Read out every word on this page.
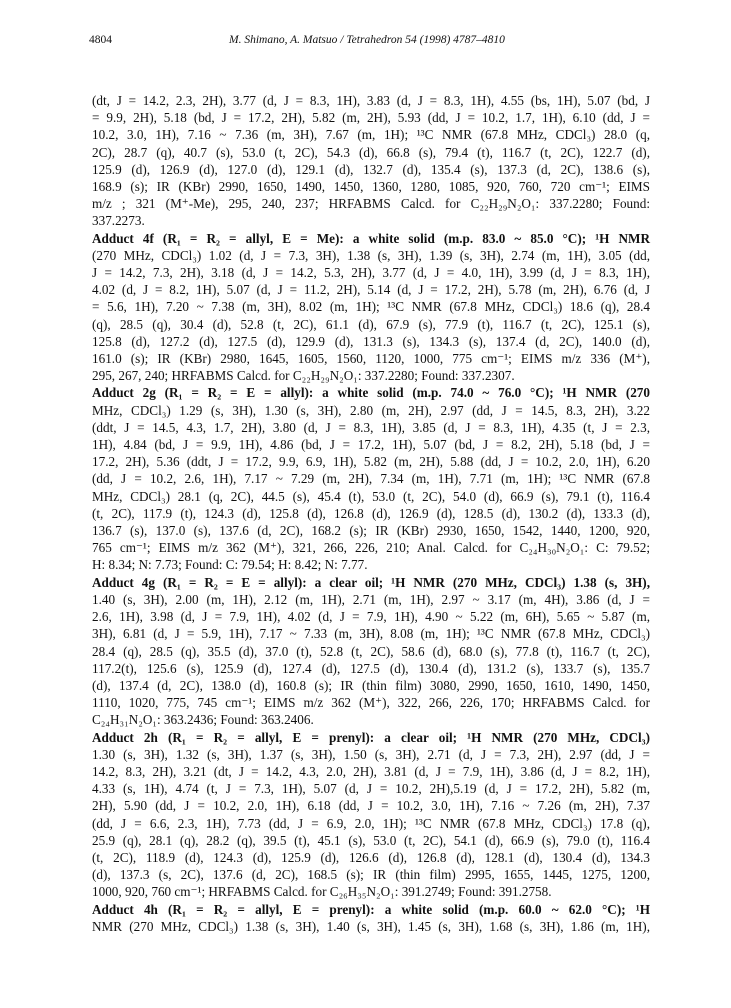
4804	M. Shimano, A. Matsuo / Tetrahedron 54 (1998) 4787–4810
(dt, J = 14.2, 2.3, 2H), 3.77 (d, J = 8.3, 1H), 3.83 (d, J = 8.3, 1H), 4.55 (bs, 1H), 5.07 (bd, J
= 9.9, 2H), 5.18 (bd, J = 17.2, 2H), 5.82 (m, 2H), 5.93 (dd, J = 10.2, 1.7, 1H), 6.10 (dd, J =
10.2, 3.0, 1H), 7.16 ~ 7.36 (m, 3H), 7.67 (m, 1H); ¹³C NMR (67.8 MHz, CDCl₃) 28.0 (q,
2C), 28.7 (q), 40.7 (s), 53.0 (t, 2C), 54.3 (d), 66.8 (s), 79.4 (t), 116.7 (t, 2C), 122.7 (d),
125.9 (d), 126.9 (d), 127.0 (d), 129.1 (d), 132.7 (d), 135.4 (s), 137.3 (d, 2C), 138.6 (s),
168.9 (s); IR (KBr) 2990, 1650, 1490, 1450, 1360, 1280, 1085, 920, 760, 720 cm⁻¹; EIMS
m/z ; 321 (M⁺-Me), 295, 240, 237; HRFABMS Calcd. for C₂₂H₂₉N₂O₁: 337.2280; Found:
337.2273.
Adduct 4f (R₁ = R₂ = allyl, E = Me): a white solid (m.p. 83.0 ~ 85.0 °C); ¹H NMR
(270 MHz, CDCl₃) 1.02 (d, J = 7.3, 3H), 1.38 (s, 3H), 1.39 (s, 3H), 2.74 (m, 1H), 3.05 (dd,
J = 14.2, 7.3, 2H), 3.18 (d, J = 14.2, 5.3, 2H), 3.77 (d, J = 4.0, 1H), 3.99 (d, J = 8.3, 1H),
4.02 (d, J = 8.2, 1H), 5.07 (d, J = 11.2, 2H), 5.14 (d, J = 17.2, 2H), 5.78 (m, 2H), 6.76 (d, J
= 5.6, 1H), 7.20 ~ 7.38 (m, 3H), 8.02 (m, 1H); ¹³C NMR (67.8 MHz, CDCl₃) 18.6 (q), 28.4
(q), 28.5 (q), 30.4 (d), 52.8 (t, 2C), 61.1 (d), 67.9 (s), 77.9 (t), 116.7 (t, 2C), 125.1 (s),
125.8 (d), 127.2 (d), 127.5 (d), 129.9 (d), 131.3 (s), 134.3 (s), 137.4 (d, 2C), 140.0 (d),
161.0 (s); IR (KBr) 2980, 1645, 1605, 1560, 1120, 1000, 775 cm⁻¹; EIMS m/z 336 (M⁺),
295, 267, 240; HRFABMS Calcd. for C₂₂H₂₉N₂O₁: 337.2280; Found: 337.2307.
Adduct 2g (R₁ = R₂ = E = allyl): a white solid (m.p. 74.0 ~ 76.0 °C); ¹H NMR (270
MHz, CDCl₃) 1.29 (s, 3H), 1.30 (s, 3H), 2.80 (m, 2H), 2.97 (dd, J = 14.5, 8.3, 2H), 3.22
(ddt, J = 14.5, 4.3, 1.7, 2H), 3.80 (d, J = 8.3, 1H), 3.85 (d, J = 8.3, 1H), 4.35 (t, J = 2.3,
1H), 4.84 (bd, J = 9.9, 1H), 4.86 (bd, J = 17.2, 1H), 5.07 (bd, J = 8.2, 2H), 5.18 (bd, J =
17.2, 2H), 5.36 (ddt, J = 17.2, 9.9, 6.9, 1H), 5.82 (m, 2H), 5.88 (dd, J = 10.2, 2.0, 1H), 6.20
(dd, J = 10.2, 2.6, 1H), 7.17 ~ 7.29 (m, 2H), 7.34 (m, 1H), 7.71 (m, 1H); ¹³C NMR (67.8
MHz, CDCl₃) 28.1 (q, 2C), 44.5 (s), 45.4 (t), 53.0 (t, 2C), 54.0 (d), 66.9 (s), 79.1 (t), 116.4
(t, 2C), 117.9 (t), 124.3 (d), 125.8 (d), 126.8 (d), 126.9 (d), 128.5 (d), 130.2 (d), 133.3 (d),
136.7 (s), 137.0 (s), 137.6 (d, 2C), 168.2 (s); IR (KBr) 2930, 1650, 1542, 1440, 1200, 920,
765 cm⁻¹; EIMS m/z 362 (M⁺), 321, 266, 226, 210; Anal. Calcd. for C₂₄H₃₀N₂O₁: C: 79.52;
H: 8.34; N: 7.73; Found: C: 79.54; H: 8.42; N: 7.77.
Adduct 4g (R₁ = R₂ = E = allyl): a clear oil; ¹H NMR (270 MHz, CDCl₃) 1.38 (s, 3H),
1.40 (s, 3H), 2.00 (m, 1H), 2.12 (m, 1H), 2.71 (m, 1H), 2.97 ~ 3.17 (m, 4H), 3.86 (d, J =
2.6, 1H), 3.98 (d, J = 7.9, 1H), 4.02 (d, J = 7.9, 1H), 4.90 ~ 5.22 (m, 6H), 5.65 ~ 5.87 (m,
3H), 6.81 (d, J = 5.9, 1H), 7.17 ~ 7.33 (m, 3H), 8.08 (m, 1H); ¹³C NMR (67.8 MHz, CDCl₃)
28.4 (q), 28.5 (q), 35.5 (d), 37.0 (t), 52.8 (t, 2C), 58.6 (d), 68.0 (s), 77.8 (t), 116.7 (t, 2C),
117.2(t), 125.6 (s), 125.9 (d), 127.4 (d), 127.5 (d), 130.4 (d), 131.2 (s), 133.7 (s), 135.7
(d), 137.4 (d, 2C), 138.0 (d), 160.8 (s); IR (thin film) 3080, 2990, 1650, 1610, 1490, 1450,
1110, 1020, 775, 745 cm⁻¹; EIMS m/z 362 (M⁺), 322, 266, 226, 170; HRFABMS Calcd. for
C₂₄H₃₁N₂O₁: 363.2436; Found: 363.2406.
Adduct 2h (R₁ = R₂ = allyl, E = prenyl): a clear oil; ¹H NMR (270 MHz, CDCl₃)
1.30 (s, 3H), 1.32 (s, 3H), 1.37 (s, 3H), 1.50 (s, 3H), 2.71 (d, J = 7.3, 2H), 2.97 (dd, J =
14.2, 8.3, 2H), 3.21 (dt, J = 14.2, 4.3, 2.0, 2H), 3.81 (d, J = 7.9, 1H), 3.86 (d, J = 8.2, 1H),
4.33 (s, 1H), 4.74 (t, J = 7.3, 1H), 5.07 (d, J = 10.2, 2H),5.19 (d, J = 17.2, 2H), 5.82 (m,
2H), 5.90 (dd, J = 10.2, 2.0, 1H), 6.18 (dd, J = 10.2, 3.0, 1H), 7.16 ~ 7.26 (m, 2H), 7.37
(dd, J = 6.6, 2.3, 1H), 7.73 (dd, J = 6.9, 2.0, 1H); ¹³C NMR (67.8 MHz, CDCl₃) 17.8 (q),
25.9 (q), 28.1 (q), 28.2 (q), 39.5 (t), 45.1 (s), 53.0 (t, 2C), 54.1 (d), 66.9 (s), 79.0 (t), 116.4
(t, 2C), 118.9 (d), 124.3 (d), 125.9 (d), 126.6 (d), 126.8 (d), 128.1 (d), 130.4 (d), 134.3
(d), 137.3 (s, 2C), 137.6 (d, 2C), 168.5 (s); IR (thin film) 2995, 1655, 1445, 1275, 1200,
1000, 920, 760 cm⁻¹; HRFABMS Calcd. for C₂₆H₃₅N₂O₁: 391.2749; Found: 391.2758.
Adduct 4h (R₁ = R₂ = allyl, E = prenyl): a white solid (m.p. 60.0 ~ 62.0 °C); ¹H
NMR (270 MHz, CDCl₃) 1.38 (s, 3H), 1.40 (s, 3H), 1.45 (s, 3H), 1.68 (s, 3H), 1.86 (m, 1H),
